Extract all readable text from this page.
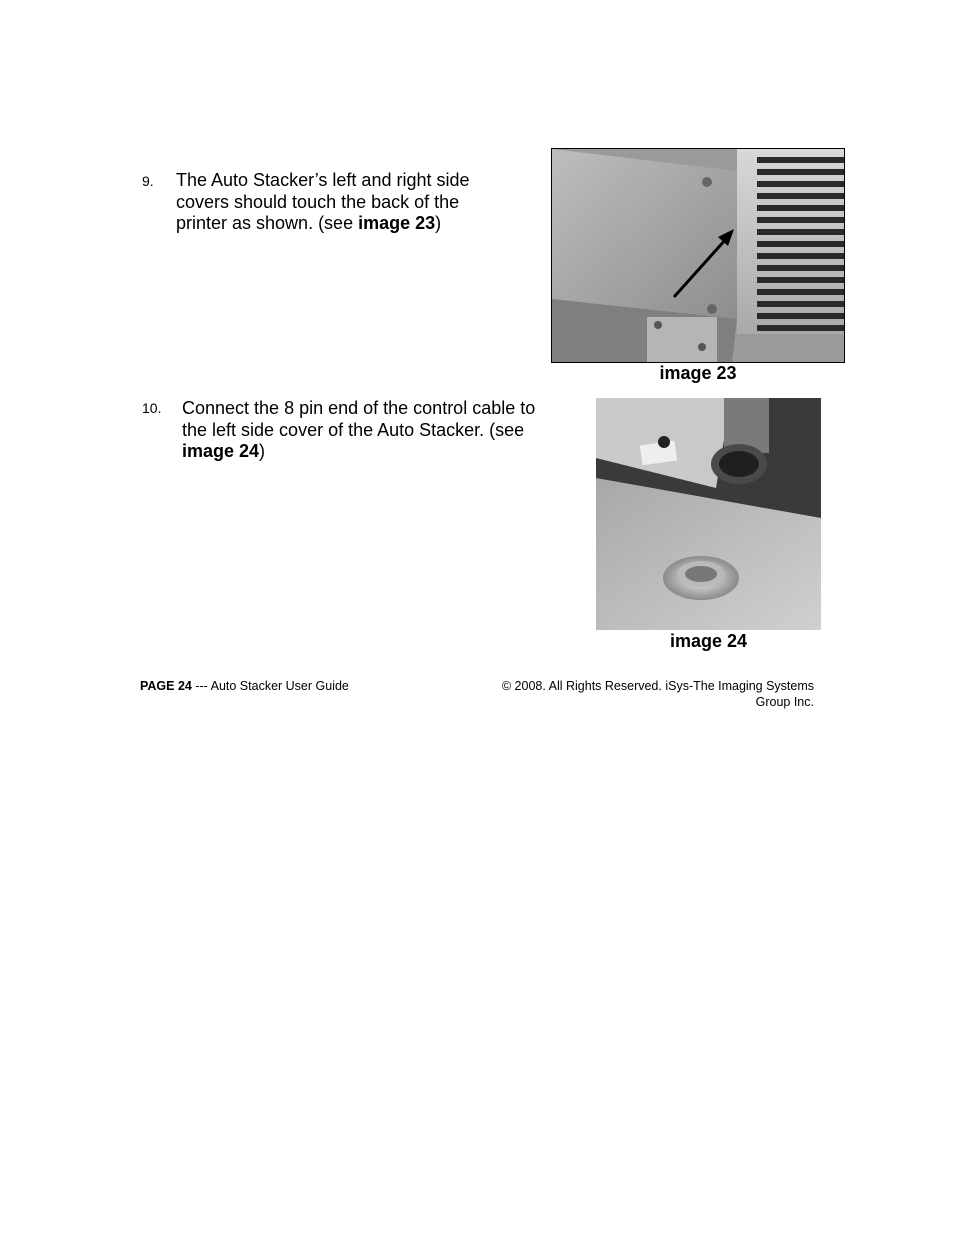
9. The Auto Stacker’s left and right side covers should touch the back of the printer as shown. (see image 23)
image 23
10. Connect the 8 pin end of the control cable to the left side cover of the Auto Stacker. (see image 24)
image 24
PAGE 24 --- Auto Stacker User Guide	© 2008. All Rights Reserved. iSys-The Imaging Systems
Group Inc.
